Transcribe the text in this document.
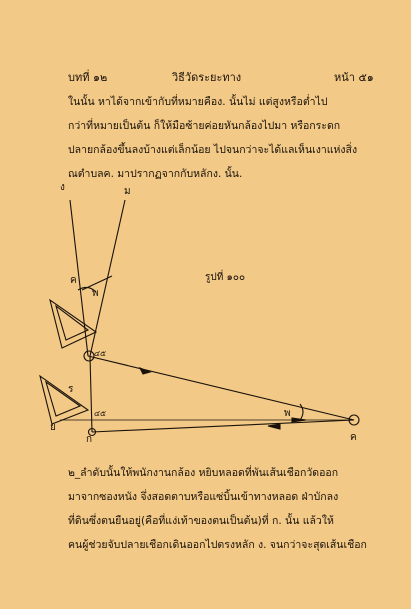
บทที่ ๑๒	วิธีวัดระยะทาง	หน้า ๕๑
ในนั้น หาได้จากเข้ากับที่หมายคือง. นั้นไม่ แต่สูงหรือต่ำไป
กว่าที่หมายเป็นต้น ก็ให้มือซ้ายค่อยหันกล้องไปมา หรือกระดก
ปลายกล้องขึ้นลงบ้างแต่เล็กน้อย ไปจนกว่าจะได้แลเห็นเงาแห่งสิ่ง
ณตำบลค. มาปรากฏจากกับหลักง. นั้น.
ง	ม
ค
พ
พ
ร
ย
ก	ค
๔๕
๔๕
รูปที่ ๑๐๐
๒_ลำดับนั้นให้พนักงานกล้อง หยิบหลอดที่พันเส้นเชือกวัดออก
มาจากซองหนัง จึ่งสอดตาบหรือแซ่บิ้นเข้าทางหลอด ฝ่าบักลง
ที่ดินซึ่งตนยืนอยู่(คือที่แง่เท้าของตนเป็นต้น)ที่ ก. นั้น แล้วให้
คนผู้ช่วยจับปลายเชือกเดินออกไปตรงหลัก ง. จนกว่าจะสุดเส้นเชือก
